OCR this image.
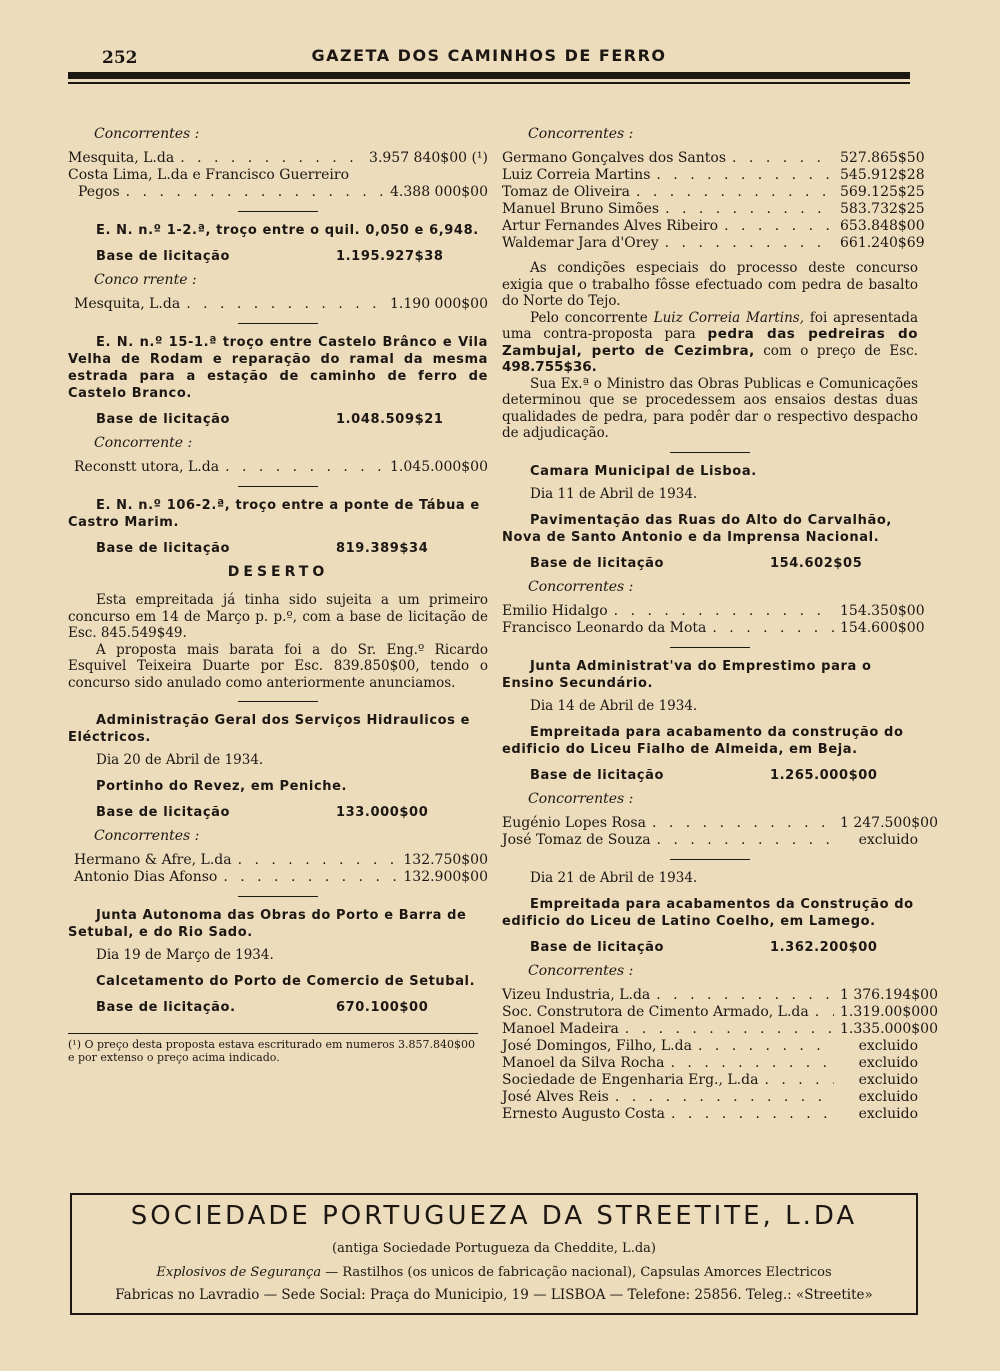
252	GAZETA DOS CAMINHOS DE FERRO
Concorrentes :
Mesquita, L.da . . .	3.957 840$00 (¹)
Costa Lima, L.da e Francisco Guerreiro
Pegos . . .	4.388 000$00
E. N. n.º 1-2.ª, troço entre o quil. 0,050 e 6,948.
Base de licitação	1.195.927$38
Conco rrente :
Mesquita, L.da . . .	1.190 000$00
E. N. n.º 15-1.ª troço entre Castelo Brânco e Vila Velha de Rodam e reparação do ramal da mesma estrada para a estação de caminho de ferro de Castelo Branco.
Base de licitação	1.048.509$21
Concorrente :
Reconstt utora, L.da . . .	1.045.000$00
E. N. n.º 106-2.ª, troço entre a ponte de Tábua e Castro Marim.
Base de licitação	819.389$34
DESERTO

Esta empreitada já tinha sido sujeita a um primeiro concurso em 14 de Março p. p.º, com a base de licitação de Esc. 845.549$49.

A proposta mais barata foi a do Sr. Eng.º Ricardo Esquivel Teixeira Duarte por Esc. 839.850$00, tendo o concurso sido anulado como anteriormente anunciamos.

Administração Geral dos Serviços Hidraulicos e Eléctricos.
Dia 20 de Abril de 1934.
Portinho do Revez, em Peniche.
Base de licitação	133.000$00
Concorrentes :
Hermano & Afre, L.da . . .	132.750$00
Antonio Dias Afonso . . .	132.900$00
Junta Autonoma das Obras do Porto e Barra de Setubal, e do Rio Sado.
Dia 19 de Março de 1934.
Calcetamento do Porto de Comercio de Setubal.
Base de licitação.	670.100$00
(¹) O preço desta proposta estava escriturado em numeros 3.857.840$00 e por extenso o preço acima indicado.
Concorrentes :
Germano Gonçalves dos Santos . . .	527.865$50
Luiz Correia Martins . . .	545.912$28
Tomaz de Oliveira . . .	569.125$25
Manuel Bruno Simões . . .	583.732$25
Artur Fernandes Alves Ribeiro . . .	653.848$00
Waldemar Jara d'Orey . . .	661.240$69

As condições especiais do processo deste concurso exigia que o trabalho fôsse efectuado com pedra de basalto do Norte do Tejo.

Pelo concorrente Luiz Correia Martins, foi apresentada uma contra-proposta para pedra das pedreiras do Zambujal, perto de Cezimbra, com o preço de Esc. 498.755$36.

Sua Ex.ª o Ministro das Obras Publicas e Comunicações determinou que se procedessem aos ensaios destas duas qualidades de pedra, para podêr dar o respectivo despacho de adjudicação.

Camara Municipal de Lisboa.
Dia 11 de Abril de 1934.
Pavimentação das Ruas do Alto do Carvalhão, Nova de Santo Antonio e da Imprensa Nacional.
Base de licitação	154.602$05
Concorrentes :
Emilio Hidalgo . . .	154.350$00
Francisco Leonardo da Mota . . .	154.600$00
Junta Administrat'va do Emprestimo para o Ensino Secundário.
Dia 14 de Abril de 1934.
Empreitada para acabamento da construção do edificio do Liceu Fialho de Almeida, em Beja.
Base de licitação	1.265.000$00
Concorrentes :
Eugénio Lopes Rosa . . .	1 247.500$00
José Tomaz de Souza . . .	excluido
Dia 21 de Abril de 1934.
Empreitada para acabamentos da Construção do edificio do Liceu de Latino Coelho, em Lamego.
Base de licitação	1.362.200$00
Concorrentes :
Vizeu Industria, L.da . . .	1 376.194$00
Soc. Construtora de Cimento Armado, L.da . . . 1.319.00$000
Manoel Madeira . . .	1.335.000$00
José Domingos, Filho, L.da . . .	excluido
Manoel da Silva Rocha . . .	excluido
Sociedade de Engenharia Erg., L.da . . .	excluido
José Alves Reis . . .	excluido
Ernesto Augusto Costa . . .	excluido
SOCIEDADE PORTUGUEZA DA STREETITE, L.DA
(antiga Sociedade Portugueza da Cheddite, L.da)
Explosivos de Segurança — Rastilhos (os unicos de fabricação nacional), Capsulas Amorces Electricos
Fabricas no Lavradio — Sede Social: Praça do Municipio, 19 — LISBOA — Telefone: 25856. Teleg.: «Streetite»
